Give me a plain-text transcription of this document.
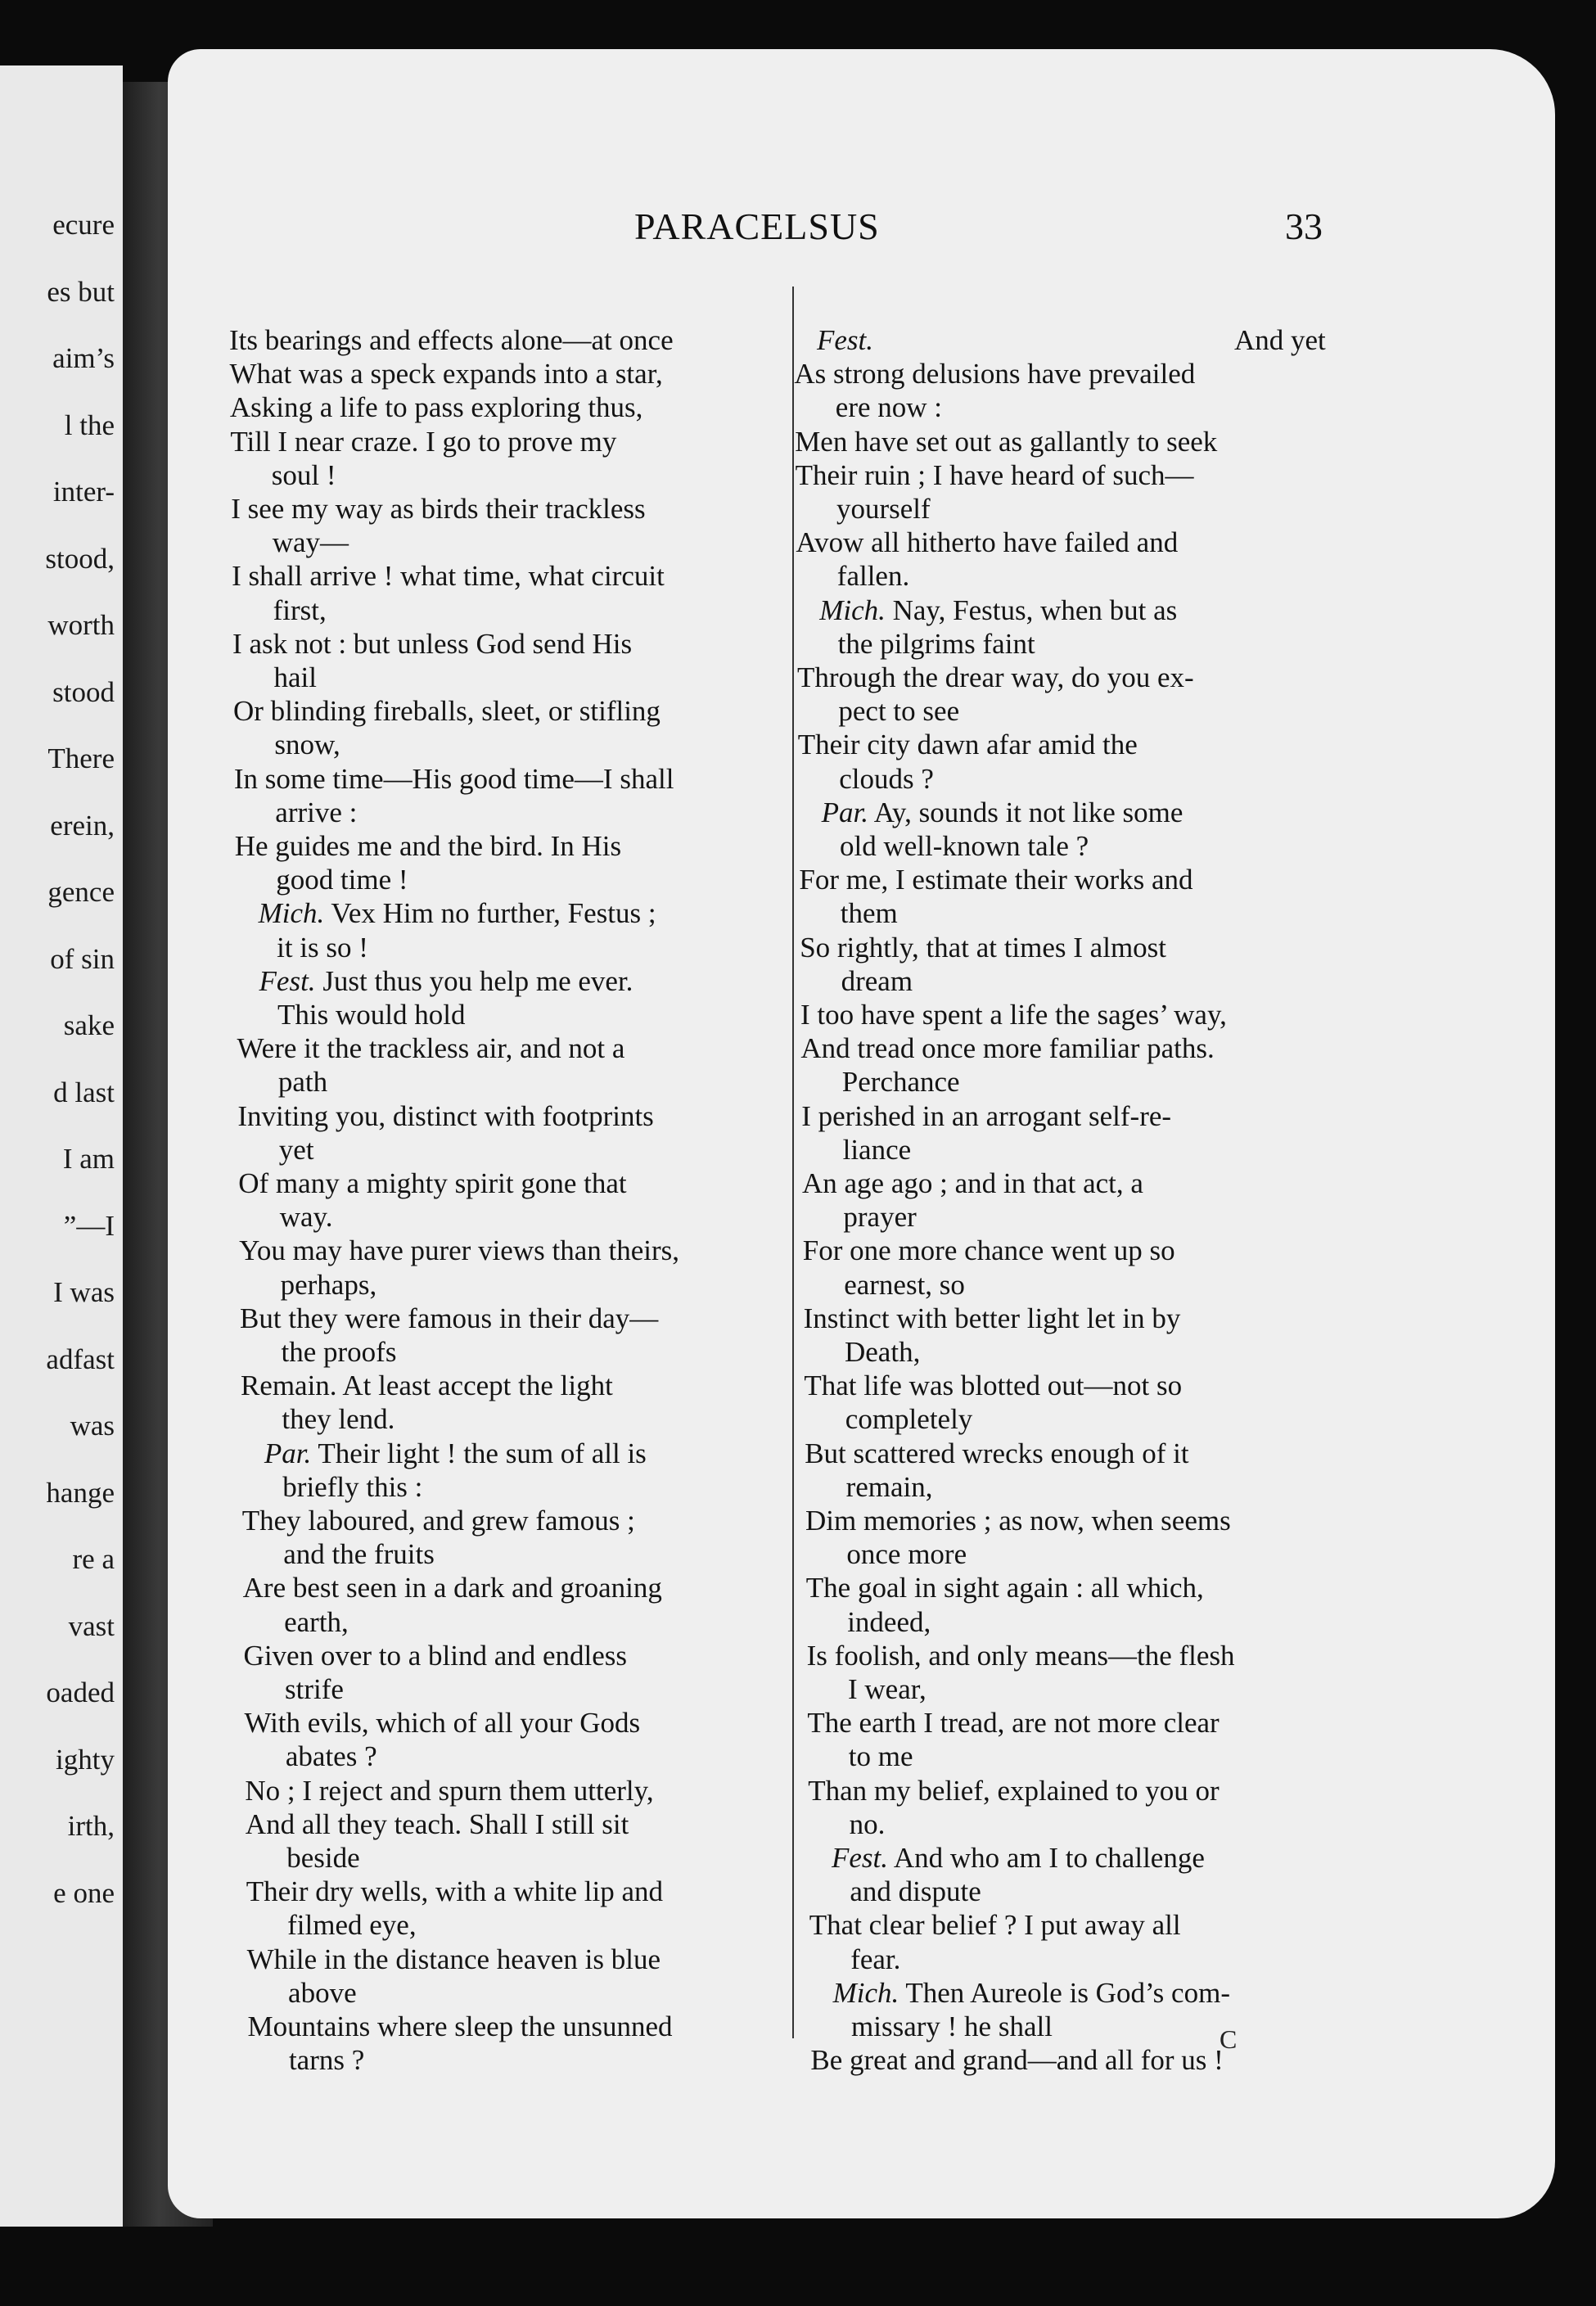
ecure
es but
aim’s
l the
inter-
stood,
worth
stood
There
erein,
gence
of sin
sake
d last
I am
”—I
I was
adfast
was
hange
re a
vast
oaded
ighty
irth,
e one
PARACELSUS	33
Its bearings and effects alone—at once
What was a speck expands into a star,
Asking a life to pass exploring thus,
Till I near craze. I go to prove my
soul !
I see my way as birds their trackless
way—
I shall arrive ! what time, what circuit
first,
I ask not : but unless God send His
hail
Or blinding fireballs, sleet, or stifling
snow,
In some time—His good time—I shall
arrive :
He guides me and the bird. In His
good time !
Mich. Vex Him no further, Festus ;
it is so !
Fest. Just thus you help me ever.
This would hold
Were it the trackless air, and not a
path
Inviting you, distinct with footprints
yet
Of many a mighty spirit gone that
way.
You may have purer views than theirs,
perhaps,
But they were famous in their day—
the proofs
Remain. At least accept the light
they lend.
Par. Their light ! the sum of all is
briefly this :
They laboured, and grew famous ;
and the fruits
Are best seen in a dark and groaning
earth,
Given over to a blind and endless
strife
With evils, which of all your Gods
abates ?
No ; I reject and spurn them utterly,
And all they teach. Shall I still sit
beside
Their dry wells, with a white lip and
filmed eye,
While in the distance heaven is blue
above
Mountains where sleep the unsunned
tarns ?
Fest.	And yet
As strong delusions have prevailed
ere now :
Men have set out as gallantly to seek
Their ruin ; I have heard of such—
yourself
Avow all hitherto have failed and
fallen.
Mich. Nay, Festus, when but as
the pilgrims faint
Through the drear way, do you ex-
pect to see
Their city dawn afar amid the
clouds ?
Par. Ay, sounds it not like some
old well-known tale ?
For me, I estimate their works and
them
So rightly, that at times I almost
dream
I too have spent a life the sages’ way,
And tread once more familiar paths.
Perchance
I perished in an arrogant self-re-
liance
An age ago ; and in that act, a
prayer
For one more chance went up so
earnest, so
Instinct with better light let in by
Death,
That life was blotted out—not so
completely
But scattered wrecks enough of it
remain,
Dim memories ; as now, when seems
once more
The goal in sight again : all which,
indeed,
Is foolish, and only means—the flesh
I wear,
The earth I tread, are not more clear
to me
Than my belief, explained to you or
no.
Fest. And who am I to challenge
and dispute
That clear belief ? I put away all
fear.
Mich. Then Aureole is God’s com-
missary ! he shall
Be great and grand—and all for us !
C
